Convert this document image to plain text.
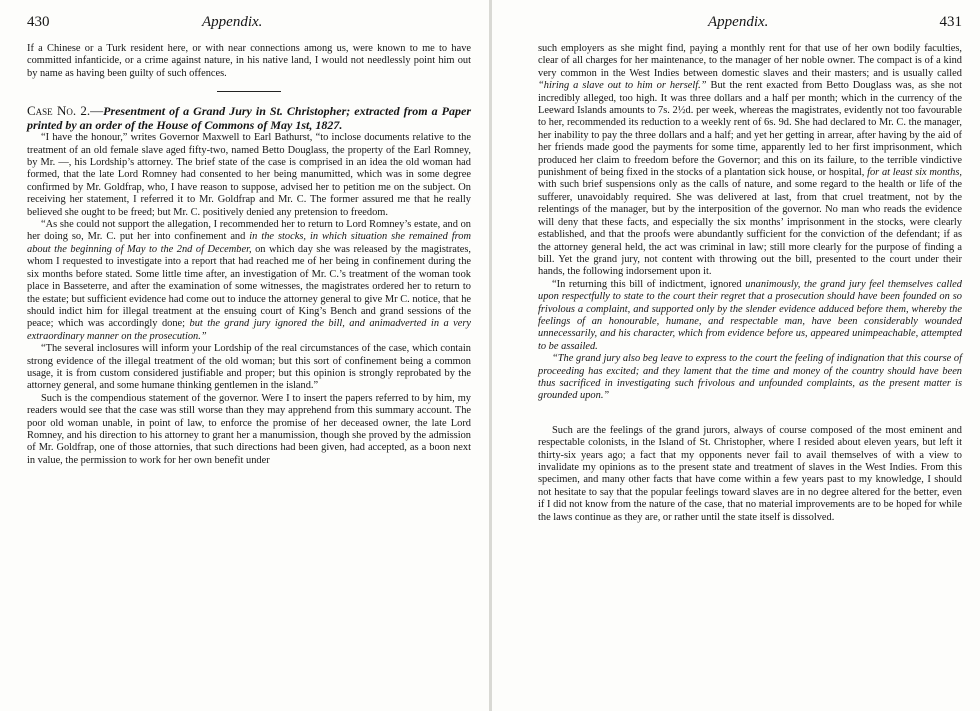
430	Appendix.

If a Chinese or a Turk resident here, or with near connections among us, were known to me to have committed infanticide, or a crime against nature, in his native land, I would not needlessly point him out by name as having been guilty of such offences.

Case No. 2.—Presentment of a Grand Jury in St. Christopher; extracted from a Paper printed by an order of the House of Commons of May 1st, 1827.

“I have the honour,” writes Governor Maxwell to Earl Bathurst, “to inclose documents relative to the treatment of an old female slave aged fifty-two, named Betto Douglass, the property of the Earl Romney, by Mr. —, his Lordship’s attorney. The brief state of the case is comprised in an idea the old woman had formed, that the late Lord Romney had consented to her being manumitted, which was in some degree confirmed by Mr. Goldfrap, who, I have reason to suppose, advised her to petition me on the subject. On receiving her statement, I referred it to Mr. Goldfrap and Mr. C. The former assured me that he really believed she ought to be freed; but Mr. C. positively denied any pretension to freedom.

“As she could not support the allegation, I recommended her to return to Lord Romney’s estate, and on her doing so, Mr. C. put her into confinement and in the stocks, in which situation she remained from about the beginning of May to the 2nd of December, on which day she was released by the magistrates, whom I requested to investigate into a report that had reached me of her being in confinement during the six months before stated. Some little time after, an investigation of Mr. C.’s treatment of the woman took place in Basseterre, and after the examination of some witnesses, the magistrates ordered her to return to the estate; but sufficient evidence had come out to induce the attorney general to give Mr C. notice, that he should indict him for illegal treatment at the ensuing court of King’s Bench and grand sessions of the peace; which was accordingly done; but the grand jury ignored the bill, and animadverted in a very extraordinary manner on the prosecution.”

“The several inclosures will inform your Lordship of the real circumstances of the case, which contain strong evidence of the illegal treatment of the old woman; but this sort of confinement being a common usage, it is from custom considered justifiable and proper; but this opinion is strongly reprobated by the attorney general, and some humane thinking gentlemen in the island.”

Such is the compendious statement of the governor. Were I to insert the papers referred to by him, my readers would see that the case was still worse than they may apprehend from this summary account. The poor old woman unable, in point of law, to enforce the promise of her deceased owner, the late Lord Romney, and his direction to his attorney to grant her a manumission, though she proved by the admission of Mr. Goldfrap, one of those attornies, that such directions had been given, had accepted, as a boon next in value, the permission to work for her own benefit under

Appendix.	431

such employers as she might find, paying a monthly rent for that use of her own bodily faculties, clear of all charges for her maintenance, to the manager of her noble owner. The compact is of a kind very common in the West Indies between domestic slaves and their masters; and is usually called “hiring a slave out to him or herself.” But the rent exacted from Betto Douglass was, as she not incredibly alleged, too high. It was three dollars and a half per month; which in the currency of the Leeward Islands amounts to 7s. 2½d. per week, whereas the magistrates, evidently not too favourable to her, recommended its reduction to a weekly rent of 6s. 9d. She had declared to Mr. C. the manager, her inability to pay the three dollars and a half; and yet her getting in arrear, after having by the aid of her friends made good the payments for some time, apparently led to her first imprisonment, which produced her claim to freedom before the Governor; and this on its failure, to the terrible vindictive punishment of being fixed in the stocks of a plantation sick house, or hospital, for at least six months, with such brief suspensions only as the calls of nature, and some regard to the health or life of the sufferer, unavoidably required. She was delivered at last, from that cruel treatment, not by the relentings of the manager, but by the interposition of the governor. No man who reads the evidence will deny that these facts, and especially the six months’ imprisonment in the stocks, were clearly established, and that the proofs were abundantly sufficient for the conviction of the defendant; if as the attorney general held, the act was criminal in law; still more clearly for the purpose of finding a bill. Yet the grand jury, not content with throwing out the bill, presented to the court under their hands, the following indorsement upon it.

“In returning this bill of indictment, ignored unanimously, the grand jury feel themselves called upon respectfully to state to the court their regret that a prosecution should have been founded on so frivolous a complaint, and supported only by the slender evidence adduced before them, whereby the feelings of an honourable, humane, and respectable man, have been considerably wounded unnecessarily, and his character, which from evidence before us, appeared unimpeachable, attempted to be assailed.

“The grand jury also beg leave to express to the court the feeling of indignation that this course of proceeding has excited; and they lament that the time and money of the country should have been thus sacrificed in investigating such frivolous and unfounded complaints, as the present matter is grounded upon.”

Such are the feelings of the grand jurors, always of course composed of the most eminent and respectable colonists, in the Island of St. Christopher, where I resided about eleven years, but left it thirty-six years ago; a fact that my opponents never fail to avail themselves of with a view to invalidate my opinions as to the present state and treatment of slaves in the West Indies. From this specimen, and many other facts that have come within a few years past to my knowledge, I should not hesitate to say that the popular feelings toward slaves are in no degree altered for the better, even if I did not know from the nature of the case, that no material improvements are to be hoped for while the laws continue as they are, or rather until the state itself is dissolved.
